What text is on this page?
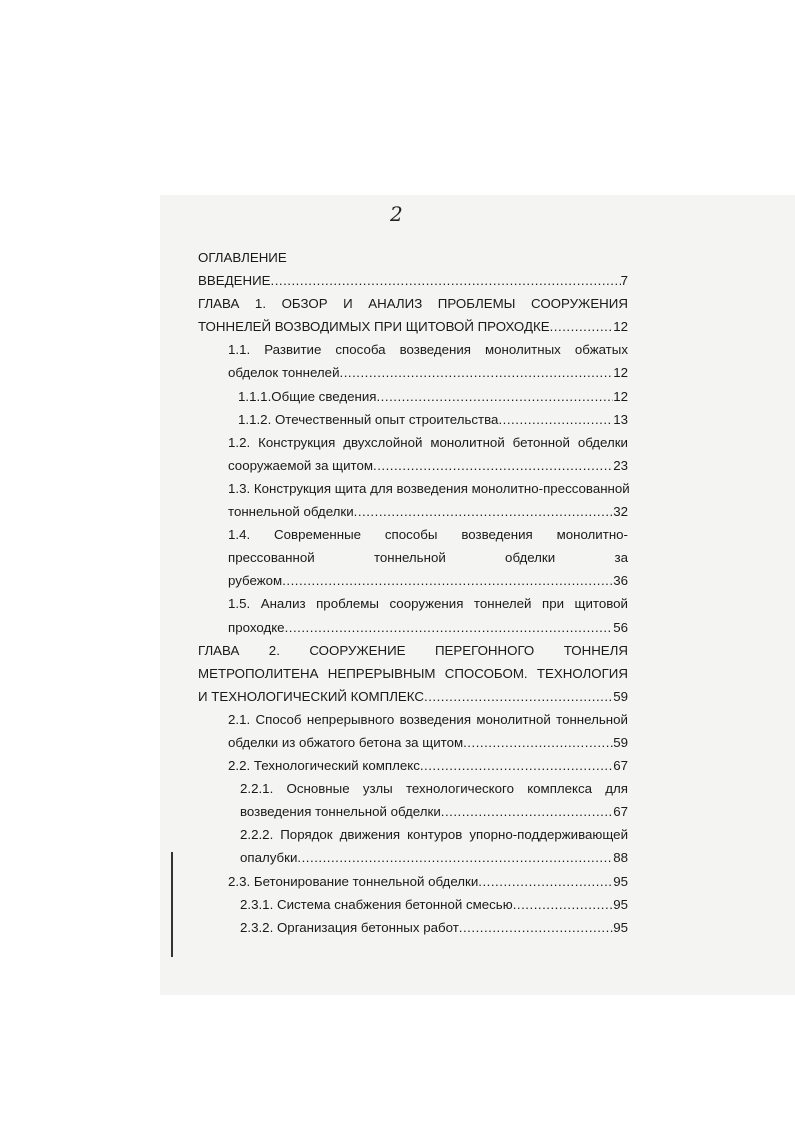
2
ОГЛАВЛЕНИЕ
ВВЕДЕНИЕ .....	7
ГЛАВА 1. ОБЗОР И АНАЛИЗ ПРОБЛЕМЫ СООРУЖЕНИЯ
ТОННЕЛЕЙ ВОЗВОДИМЫХ ПРИ ЩИТОВОЙ ПРОХОДКЕ .....	12
1.1. Развитие способа возведения монолитных обжатых
обделок тоннелей .....	12
1.1.1.Общие сведения .....	12
1.1.2. Отечественный опыт строительства .....	13
1.2. Конструкция двухслойной монолитной бетонной обделки
сооружаемой за щитом .....	23
1.3. Конструкция щита для возведения монолитно-прессованной
тоннельной обделки .....	32
1.4. Современные способы возведения монолитно-
прессованной	тоннельной	обделки	за
рубежом .....	36
1.5. Анализ проблемы сооружения тоннелей при щитовой
проходке .....	56
ГЛАВА 2. СООРУЖЕНИЕ ПЕРЕГОННОГО ТОННЕЛЯ
МЕТРОПОЛИТЕНА НЕПРЕРЫВНЫМ СПОСОБОМ. ТЕХНОЛОГИЯ
И ТЕХНОЛОГИЧЕСКИЙ КОМПЛЕКС .....	59
2.1. Способ непрерывного возведения монолитной тоннельной
обделки из обжатого бетона за щитом .....	59
2.2. Технологический комплекс .....	67
2.2.1. Основные узлы технологического комплекса для
возведения тоннельной обделки .....	67
2.2.2. Порядок движения контуров упорно-поддерживающей
опалубки .....	88
2.3. Бетонирование тоннельной обделки .....	95
2.3.1. Система снабжения бетонной смесью .....	95
2.3.2. Организация бетонных работ .....	95
